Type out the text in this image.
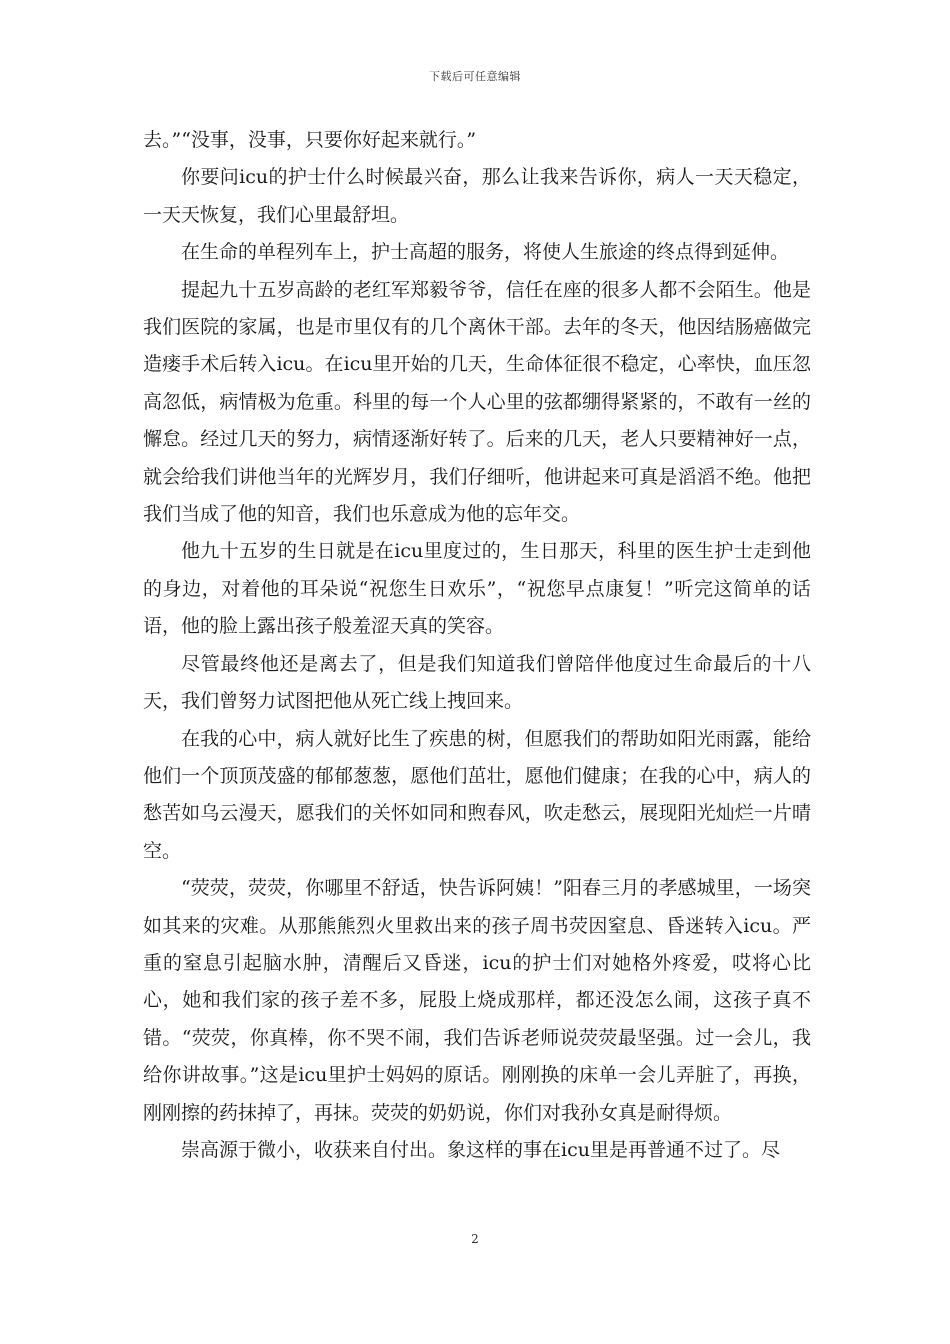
下载后可任意编辑

去。”“没事，没事，只要你好起来就行。”

你要问icu的护士什么时候最兴奋，那么让我来告诉你，病人一天天稳定，一天天恢复，我们心里最舒坦。

在生命的单程列车上，护士高超的服务，将使人生旅途的终点得到延伸。

提起九十五岁高龄的老红军郑毅爷爷，信任在座的很多人都不会陌生。他是我们医院的家属，也是市里仅有的几个离休干部。去年的冬天，他因结肠癌做完造瘘手术后转入icu。在icu里开始的几天，生命体征很不稳定，心率快，血压忽高忽低，病情极为危重。科里的每一个人心里的弦都绷得紧紧的，不敢有一丝的懈怠。经过几天的努力，病情逐渐好转了。后来的几天，老人只要精神好一点，就会给我们讲他当年的光辉岁月，我们仔细听，他讲起来可真是滔滔不绝。他把我们当成了他的知音，我们也乐意成为他的忘年交。

他九十五岁的生日就是在icu里度过的，生日那天，科里的医生护士走到他的身边，对着他的耳朵说“祝您生日欢乐”，“祝您早点康复！”听完这简单的话语，他的脸上露出孩子般羞涩天真的笑容。

尽管最终他还是离去了，但是我们知道我们曾陪伴他度过生命最后的十八天，我们曾努力试图把他从死亡线上拽回来。

在我的心中，病人就好比生了疾患的树，但愿我们的帮助如阳光雨露，能给他们一个顶顶茂盛的郁郁葱葱，愿他们茁壮，愿他们健康；在我的心中，病人的愁苦如乌云漫天，愿我们的关怀如同和煦春风，吹走愁云，展现阳光灿烂一片晴空。

“荧荧，荧荧，你哪里不舒适，快告诉阿姨！”阳春三月的孝感城里，一场突如其来的灾难。从那熊熊烈火里救出来的孩子周书荧因窒息、昏迷转入icu。严重的窒息引起脑水肿，清醒后又昏迷，icu的护士们对她格外疼爱，哎将心比心，她和我们家的孩子差不多，屁股上烧成那样，都还没怎么闹，这孩子真不错。“荧荧，你真棒，你不哭不闹，我们告诉老师说荧荧最坚强。过一会儿，我给你讲故事。”这是icu里护士妈妈的原话。刚刚换的床单一会儿弄脏了，再换，刚刚擦的药抹掉了，再抹。荧荧的奶奶说，你们对我孙女真是耐得烦。

崇高源于微小，收获来自付出。象这样的事在icu里是再普通不过了。尽

2
